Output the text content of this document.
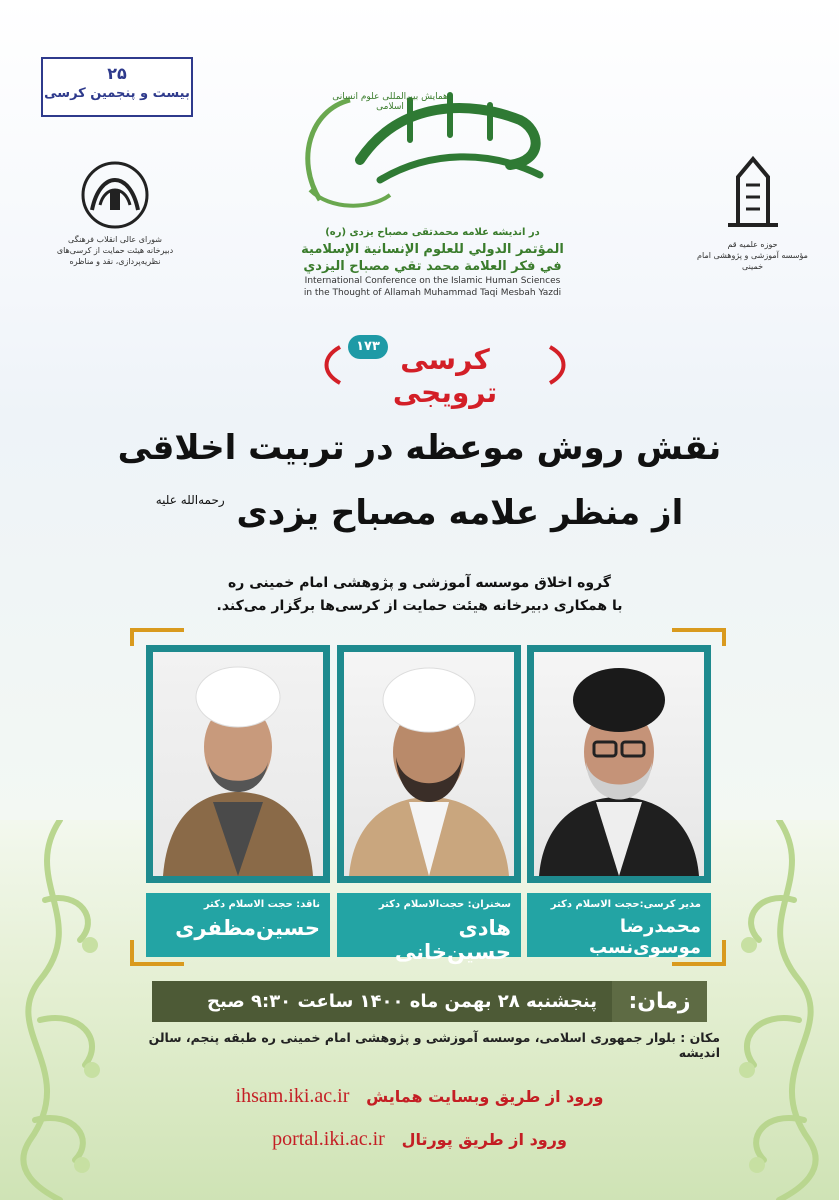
۲۵
بیست و پنجمین کرسی
شورای عالی انقلاب فرهنگی
دبیرخانه هیئت حمایت از کرسی‌های نظریه‌پردازی، نقد و مناظره
حوزه علمیه قم
مؤسسه آموزشی و پژوهشی امام خمینی
در اندیشه علامه محمدتقی مصباح یزدی (ره)
المؤتمر الدولي للعلوم الإنسانية الإسلامية
في فكر العلامة محمد تقي مصباح اليزدي
International Conference on the Islamic Human Sciences
in the Thought of Allamah Muhammad Taqi Mesbah Yazdi
کرسی ترویجی
۱۷۳
نقش روش موعظه در تربیت اخلاقی
از منظر علامه مصباح یزدی $^{رحمه‌الله علیه}$
گروه اخلاق موسسه آموزشی و پژوهشی امام خمینی ره
با همکاری دبیرخانه هیئت حمایت از کرسی‌ها برگزار می‌کند.
ناقد: حجت الاسلام دکتر
حسین‌مظفری
سخنران: حجت‌الاسلام دکتر
هادی حسین‌خانی
مدیر کرسی:حجت الاسلام دکتر
محمدرضا موسوی‌نسب
زمان:
پنجشنبه ۲۸ بهمن ماه ۱۴۰۰ ساعت ۹:۳۰ صبح
مکان : بلوار جمهوری اسلامی، موسسه آموزشی و پژوهشی امام خمینی ره طبقه پنجم، سالن اندیشه
ورود از طریق وبسایت همایش   ihsam.iki.ac.ir
ورود از طریق پورتال   portal.iki.ac.ir
همایش بین‌المللی علوم انسانی اسلامی
